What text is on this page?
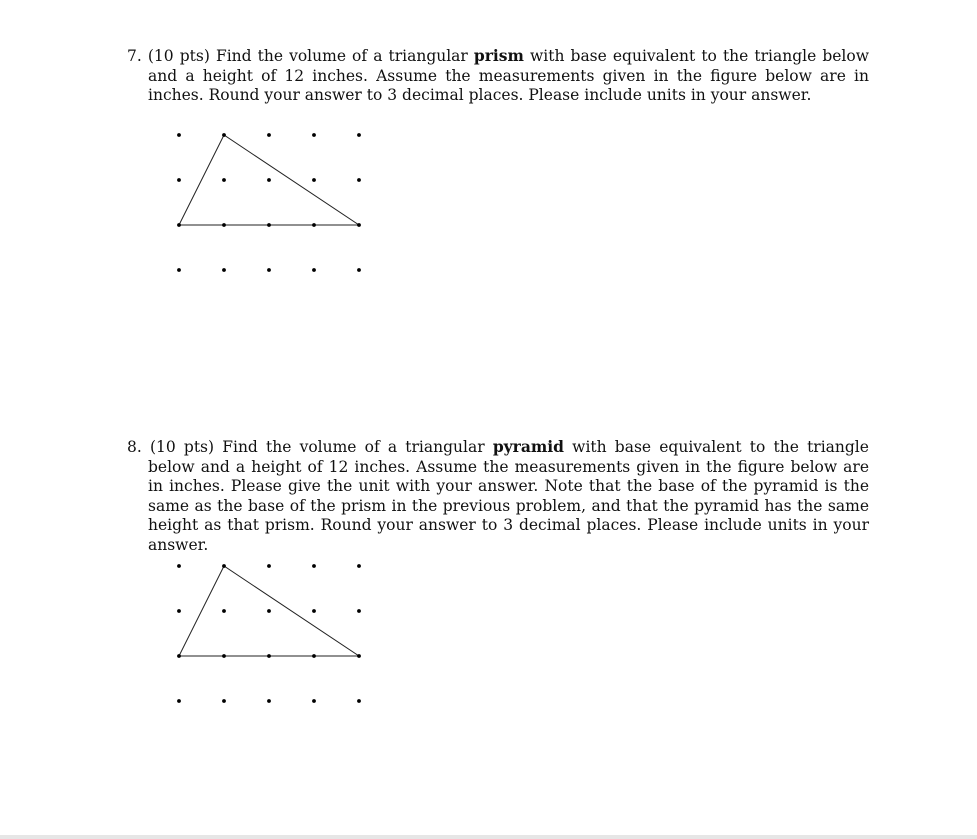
7. (10 pts) Find the volume of a triangular prism with base equivalent to the triangle below and a height of 12 inches. Assume the measurements given in the figure below are in inches. Round your answer to 3 decimal places. Please include units in your answer.

8. (10 pts) Find the volume of a triangular pyramid with base equivalent to the triangle below and a height of 12 inches. Assume the measurements given in the figure below are in inches. Please give the unit with your answer. Note that the base of the pyramid is the same as the base of the prism in the previous problem, and that the pyramid has the same height as that prism. Round your answer to 3 decimal places. Please include units in your answer.
